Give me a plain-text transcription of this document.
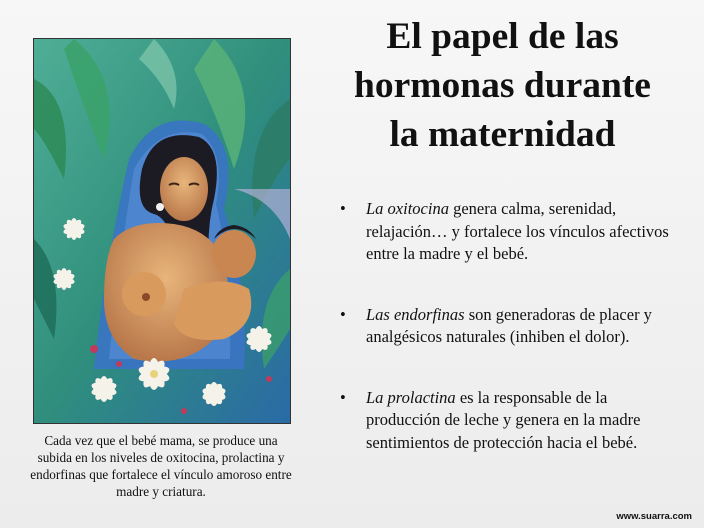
Cada vez que el bebé mama, se produce una subida en los niveles de oxitocina, prolactina y endorfinas que fortalece el vínculo amoroso entre madre y criatura.
El papel de las
hormonas durante
la maternidad
• La oxitocina genera calma, serenidad, relajación… y fortalece los vínculos afectivos entre la madre y el bebé.
• Las endorfinas son generadoras de placer y analgésicos naturales (inhiben el dolor).
• La prolactina es la responsable de la producción de leche y genera en la madre sentimientos de protección hacia el bebé.
www.suarra.com
